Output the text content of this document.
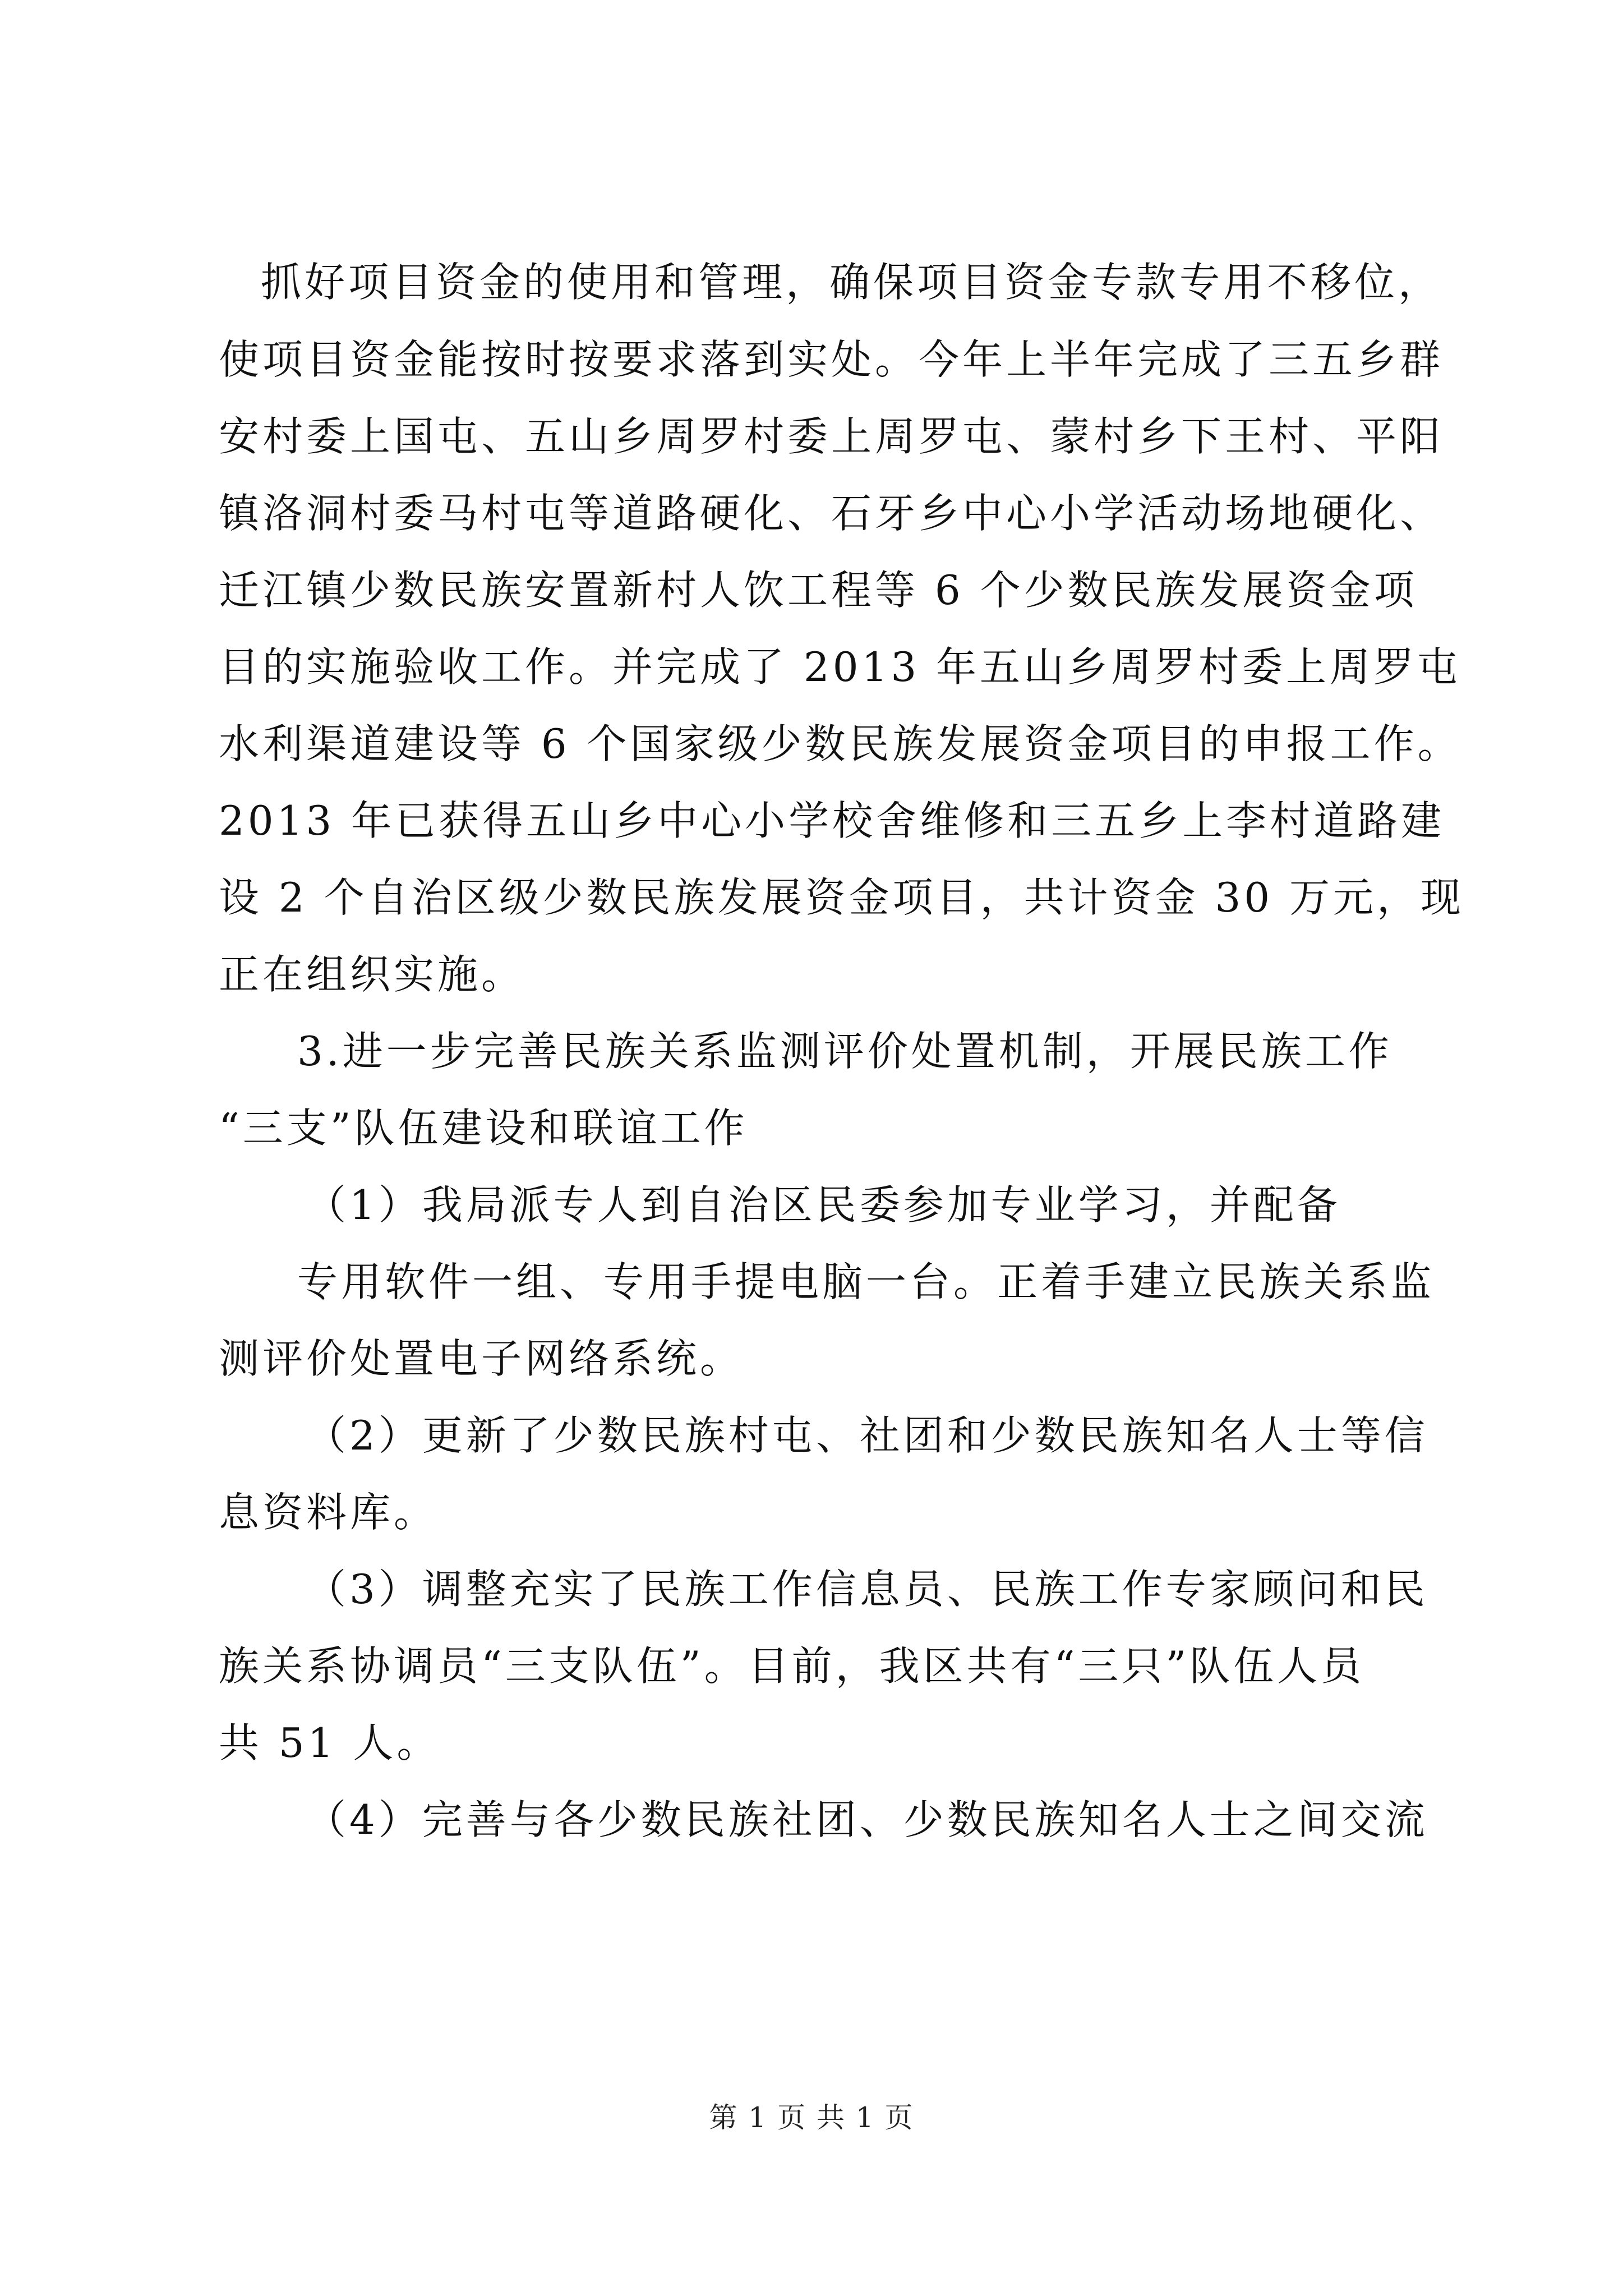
抓好项目资金的使用和管理，确保项目资金专款专用不移位，
使项目资金能按时按要求落到实处。今年上半年完成了三五乡群
安村委上国屯、五山乡周罗村委上周罗屯、蒙村乡下王村、平阳
镇洛洞村委马村屯等道路硬化、石牙乡中心小学活动场地硬化、
迁江镇少数民族安置新村人饮工程等 6 个少数民族发展资金项
目的实施验收工作。并完成了 2013 年五山乡周罗村委上周罗屯
水利渠道建设等 6 个国家级少数民族发展资金项目的申报工作。
2013 年已获得五山乡中心小学校舍维修和三五乡上李村道路建
设 2 个自治区级少数民族发展资金项目，共计资金 30 万元，现
正在组织实施。
3.进一步完善民族关系监测评价处置机制，开展民族工作
“三支”队伍建设和联谊工作
（1）我局派专人到自治区民委参加专业学习，并配备
专用软件一组、专用手提电脑一台。正着手建立民族关系监
测评价处置电子网络系统。
（2）更新了少数民族村屯、社团和少数民族知名人士等信
息资料库。
（3）调整充实了民族工作信息员、民族工作专家顾问和民
族关系协调员“三支队伍”。目前，我区共有“三只”队伍人员
共 51 人。
（4）完善与各少数民族社团、少数民族知名人士之间交流
第 1 页 共 1 页
